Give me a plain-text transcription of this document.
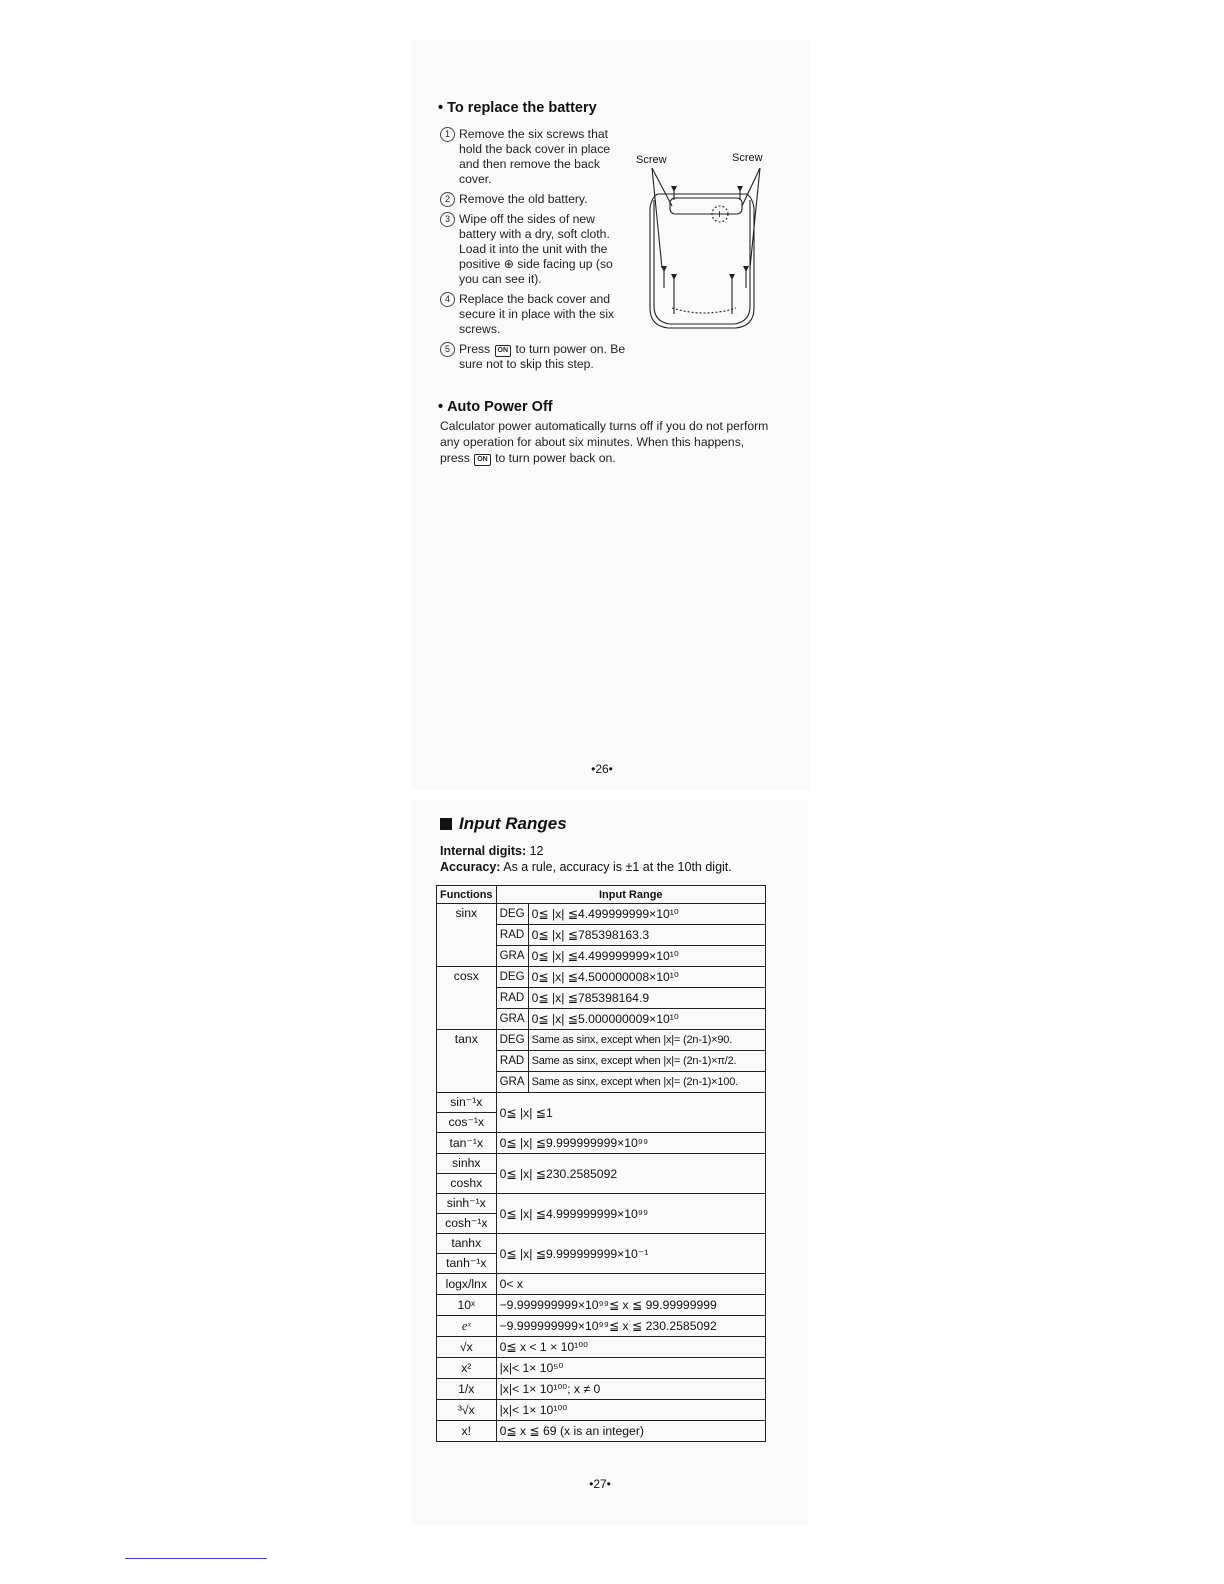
• To replace the battery
1 Remove the six screws that hold the back cover in place and then remove the back cover.
2 Remove the old battery.
3 Wipe off the sides of new battery with a dry, soft cloth. Load it into the unit with the positive ⊕ side facing up (so you can see it).
4 Replace the back cover and secure it in place with the six screws.
5 Press ON to turn power on. Be sure not to skip this step.
Screw	Screw
+
• Auto Power Off
Calculator power automatically turns off if you do not perform any operation for about six minutes. When this happens, press ON to turn power back on.
•26•
Input Ranges
Internal digits: 12
Accuracy: As a rule, accuracy is ±1 at the 10th digit.
Functions	Input Range	
sinx	DEG	0≦ |x| ≦4.499999999×10¹⁰
	RAD	0≦ |x| ≦785398163.3
	GRA	0≦ |x| ≦4.499999999×10¹⁰
cosx	DEG	0≦ |x| ≦4.500000008×10¹⁰
	RAD	0≦ |x| ≦785398164.9
	GRA	0≦ |x| ≦5.000000009×10¹⁰
tanx	DEG	Same as sinx, except when |x|= (2n-1)×90.
	RAD	Same as sinx, except when |x|= (2n-1)×π/2.
	GRA	Same as sinx, except when |x|= (2n-1)×100.

sin⁻¹x
cos⁻¹x	0≦ |x| ≦1	
tan⁻¹x	0≦ |x| ≦9.999999999×10⁹⁹	

sinhx
coshx	0≦ |x| ≦230.2585092	

sinh⁻¹x
cosh⁻¹x	0≦ |x| ≦4.999999999×10⁹⁹	

tanhx
tanh⁻¹x	0≦ |x| ≦9.999999999×10⁻¹	
logx/lnx	0< x	
10ˣ	−9.999999999×10⁹⁹≦ x ≦ 99.99999999	
eˣ	−9.999999999×10⁹⁹≦ x ≦ 230.2585092	
√x	0≦ x < 1 × 10¹⁰⁰	
x²	|x|< 1× 10⁵⁰	
1/x	|x|< 1× 10¹⁰⁰; x ≠ 0	
³√x	|x|< 1× 10¹⁰⁰	
x!	0≦ x ≦ 69 (x is an integer)	
•27•
